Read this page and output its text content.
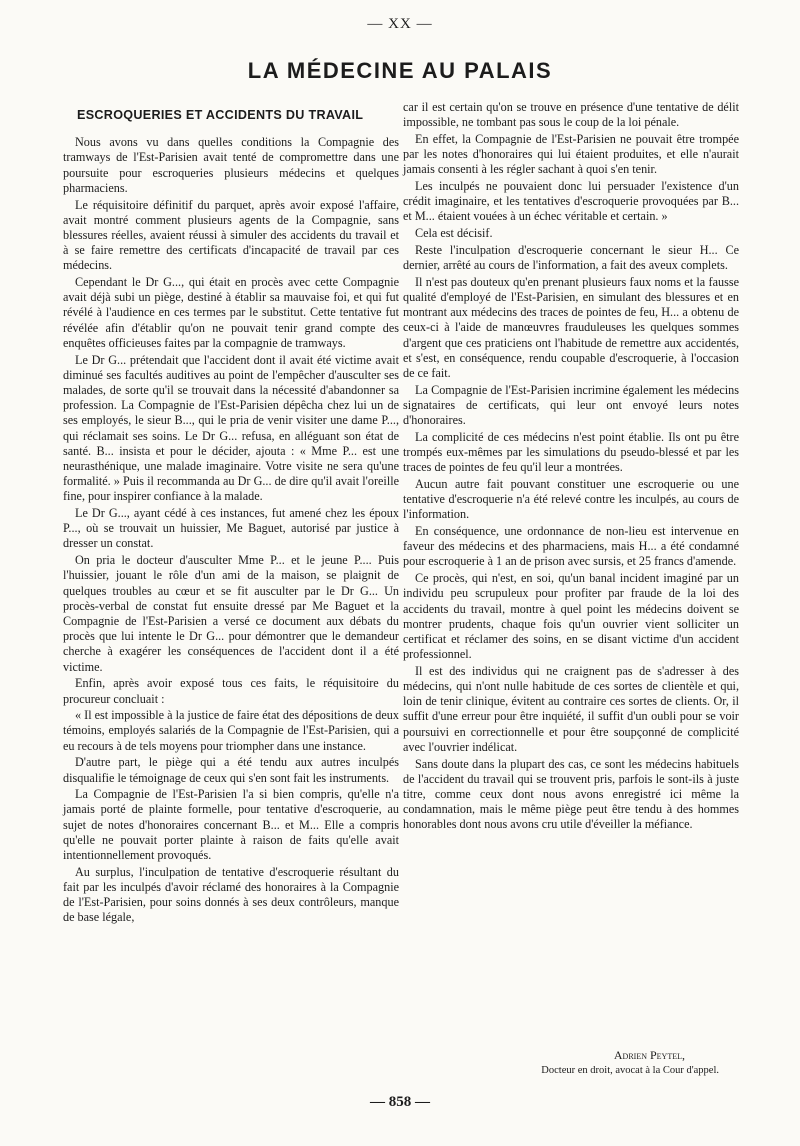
— XX —
LA MÉDECINE AU PALAIS
ESCROQUERIES ET ACCIDENTS DU TRAVAIL

Nous avons vu dans quelles conditions la Compagnie des tramways de l'Est-Parisien avait tenté de compromettre dans une poursuite pour escroqueries plusieurs médecins et quelques pharmaciens.

Le réquisitoire définitif du parquet, après avoir exposé l'affaire, avait montré comment plusieurs agents de la Compagnie, sans blessures réelles, avaient réussi à simuler des accidents du travail et à se faire remettre des certificats d'incapacité de travail par ces médecins.

Cependant le Dr G..., qui était en procès avec cette Compagnie avait déjà subi un piège, destiné à établir sa mauvaise foi, et qui fut révélé à l'audience en ces termes par le substitut. Cette tentative fut révélée afin d'établir qu'on ne pouvait tenir grand compte des enquêtes officieuses faites par la compagnie de tramways.

Le Dr G... prétendait que l'accident dont il avait été victime avait diminué ses facultés auditives au point de l'empêcher d'ausculter ses malades, de sorte qu'il se trouvait dans la nécessité d'abandonner sa profession. La Compagnie de l'Est-Parisien dépêcha chez lui un de ses employés, le sieur B..., qui le pria de venir visiter une dame P..., qui réclamait ses soins. Le Dr G... refusa, en alléguant son état de santé. B... insista et pour le décider, ajouta : « Mme P... est une neurasthénique, une malade imaginaire. Votre visite ne sera qu'une formalité. » Puis il recommanda au Dr G... de dire qu'il avait l'oreille fine, pour inspirer confiance à la malade.

Le Dr G..., ayant cédé à ces instances, fut amené chez les époux P..., où se trouvait un huissier, Me Baguet, autorisé par justice à dresser un constat.

On pria le docteur d'ausculter Mme P... et le jeune P.... Puis l'huissier, jouant le rôle d'un ami de la maison, se plaignit de quelques troubles au cœur et se fit ausculter par le Dr G... Un procès-verbal de constat fut ensuite dressé par Me Baguet et la Compagnie de l'Est-Parisien a versé ce document aux débats du procès que lui intente le Dr G... pour démontrer que le demandeur cherche à exagérer les conséquences de l'accident dont il a été victime.

Enfin, après avoir exposé tous ces faits, le réquisitoire du procureur concluait :

« Il est impossible à la justice de faire état des dépositions de deux témoins, employés salariés de la Compagnie de l'Est-Parisien, qui a eu recours à de tels moyens pour triompher dans une instance.

D'autre part, le piège qui a été tendu aux autres inculpés disqualifie le témoignage de ceux qui s'en sont fait les instruments.

La Compagnie de l'Est-Parisien l'a si bien compris, qu'elle n'a jamais porté de plainte formelle, pour tentative d'escroquerie, au sujet de notes d'honoraires concernant B... et M... Elle a compris qu'elle ne pouvait porter plainte à raison de faits qu'elle avait intentionnellement provoqués.

Au surplus, l'inculpation de tentative d'escroquerie résultant du fait par les inculpés d'avoir réclamé des honoraires à la Compagnie de l'Est-Parisien, pour soins donnés à ses deux contrôleurs, manque de base légale,

car il est certain qu'on se trouve en présence d'une tentative de délit impossible, ne tombant pas sous le coup de la loi pénale.

En effet, la Compagnie de l'Est-Parisien ne pouvait être trompée par les notes d'honoraires qui lui étaient produites, et elle n'aurait jamais consenti à les régler sachant à quoi s'en tenir.

Les inculpés ne pouvaient donc lui persuader l'existence d'un crédit imaginaire, et les tentatives d'escroquerie provoquées par B... et M... étaient vouées à un échec véritable et certain. »

Cela est décisif.

Reste l'inculpation d'escroquerie concernant le sieur H... Ce dernier, arrêté au cours de l'information, a fait des aveux complets.

Il n'est pas douteux qu'en prenant plusieurs faux noms et la fausse qualité d'employé de l'Est-Parisien, en simulant des blessures et en montrant aux médecins des traces de pointes de feu, H... a obtenu de ceux-ci à l'aide de manœuvres frauduleuses les quelques sommes d'argent que ces praticiens ont l'habitude de remettre aux accidentés, et s'est, en conséquence, rendu coupable d'escroquerie, à l'occasion de ce fait.

La Compagnie de l'Est-Parisien incrimine également les médecins signataires de certificats, qui leur ont envoyé leurs notes d'honoraires.

La complicité de ces médecins n'est point établie. Ils ont pu être trompés eux-mêmes par les simulations du pseudo-blessé et par les traces de pointes de feu qu'il leur a montrées.

Aucun autre fait pouvant constituer une escroquerie ou une tentative d'escroquerie n'a été relevé contre les inculpés, au cours de l'information.

En conséquence, une ordonnance de non-lieu est intervenue en faveur des médecins et des pharmaciens, mais H... a été condamné pour escroquerie à 1 an de prison avec sursis, et 25 francs d'amende.

Ce procès, qui n'est, en soi, qu'un banal incident imaginé par un individu peu scrupuleux pour profiter par fraude de la loi des accidents du travail, montre à quel point les médecins doivent se montrer prudents, chaque fois qu'un ouvrier vient solliciter un certificat et réclamer des soins, en se disant victime d'un accident professionnel.

Il est des individus qui ne craignent pas de s'adresser à des médecins, qui n'ont nulle habitude de ces sortes de clientèle et qui, loin de tenir clinique, évitent au contraire ces sortes de clients. Or, il suffit d'une erreur pour être inquiété, il suffit d'un oubli pour se voir poursuivi en correctionnelle et pour être soupçonné de complicité avec l'ouvrier indélicat.

Sans doute dans la plupart des cas, ce sont les médecins habituels de l'accident du travail qui se trouvent pris, parfois le sont-ils à juste titre, comme ceux dont nous avons enregistré ici même la condamnation, mais le même piège peut être tendu à des hommes honorables dont nous avons cru utile d'éveiller la méfiance.

Adrien Peytel,
Docteur en droit, avocat à la Cour d'appel.
— 858 —
